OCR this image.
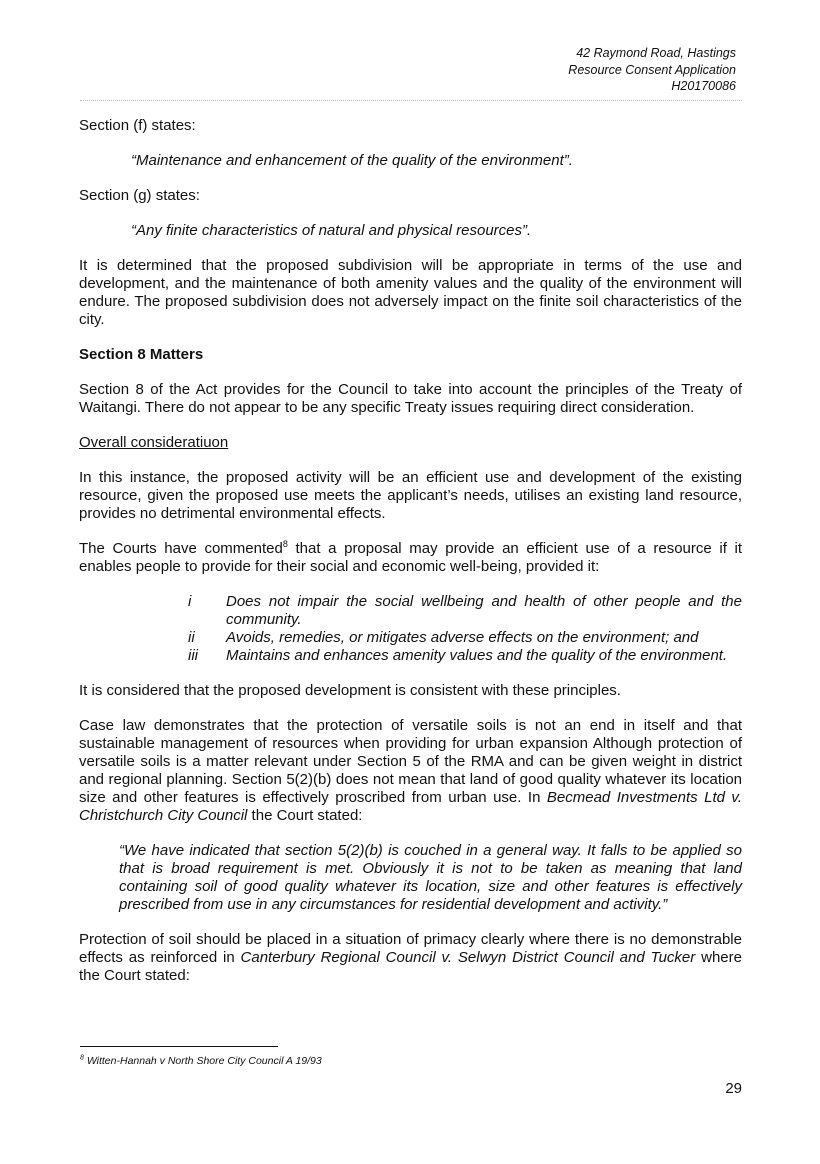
42 Raymond Road, Hastings
Resource Consent Application
H20170086

Section (f) states:

“Maintenance and enhancement of the quality of the environment”.

Section (g) states:

“Any finite characteristics of natural and physical resources”.

It is determined that the proposed subdivision will be appropriate in terms of the use and development, and the maintenance of both amenity values and the quality of the environment will endure. The proposed subdivision does not adversely impact on the finite soil characteristics of the city.

Section 8 Matters

Section 8 of the Act provides for the Council to take into account the principles of the Treaty of Waitangi. There do not appear to be any specific Treaty issues requiring direct consideration.

Overall consideratiuon

In this instance, the proposed activity will be an efficient use and development of the existing resource, given the proposed use meets the applicant’s needs, utilises an existing land resource, provides no detrimental environmental effects.

The Courts have commented$^8$ that a proposal may provide an efficient use of a resource if it enables people to provide for their social and economic well-being, provided it:

i	Does not impair the social wellbeing and health of other people and the community.
ii	Avoids, remedies, or mitigates adverse effects on the environment; and
iii	Maintains and enhances amenity values and the quality of the environment.

It is considered that the proposed development is consistent with these principles.

Case law demonstrates that the protection of versatile soils is not an end in itself and that sustainable management of resources when providing for urban expansion Although protection of versatile soils is a matter relevant under Section 5 of the RMA and can be given weight in district and regional planning. Section 5(2)(b) does not mean that land of good quality whatever its location size and other features is effectively proscribed from urban use. In Becmead Investments Ltd v. Christchurch City Council the Court stated:

“We have indicated that section 5(2)(b) is couched in a general way. It falls to be applied so that is broad requirement is met. Obviously it is not to be taken as meaning that land containing soil of good quality whatever its location, size and other features is effectively prescribed from use in any circumstances for residential development and activity.”

Protection of soil should be placed in a situation of primacy clearly where there is no demonstrable effects as reinforced in Canterbury Regional Council v. Selwyn District Council and Tucker where the Court stated:

$^8$ Witten-Hannah v North Shore City Council A 19/93
29
